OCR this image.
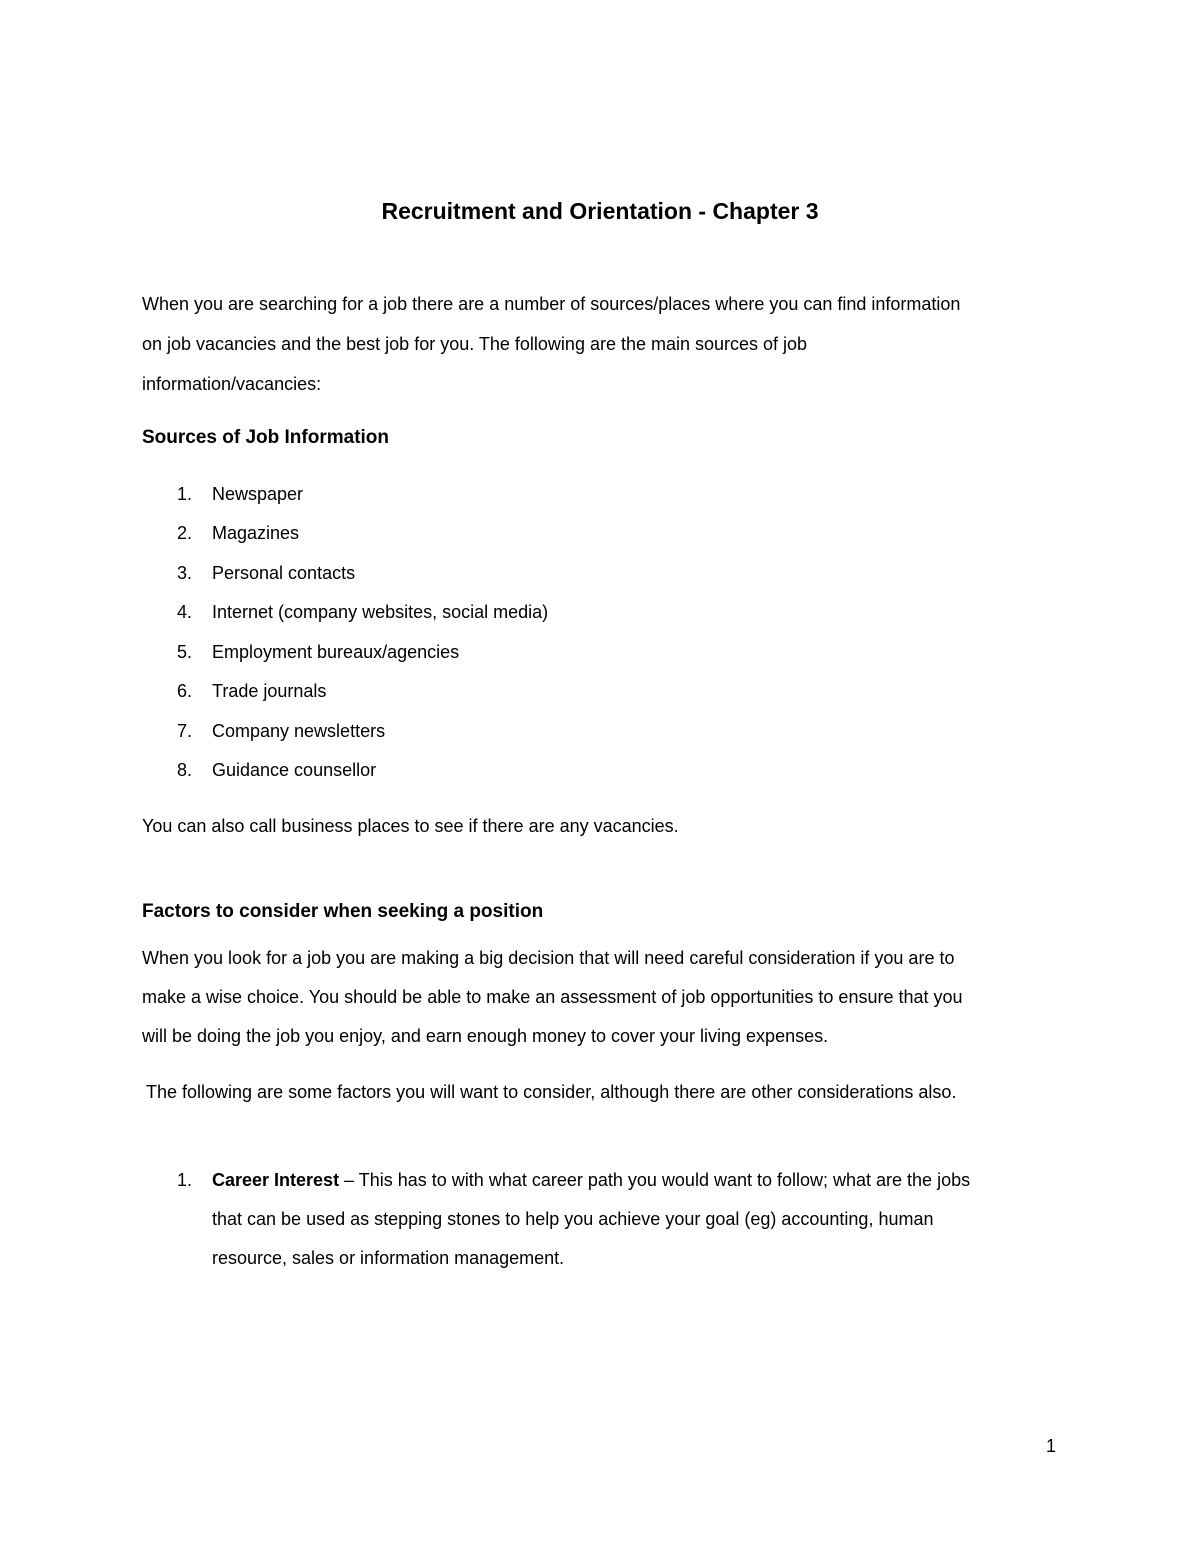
Recruitment and Orientation - Chapter 3

When you are searching for a job there are a number of sources/places where you can find information

on job vacancies and the best job for you. The following are the main sources of job

information/vacancies:

Sources of Job Information
1. Newspaper
2. Magazines
3. Personal contacts
4. Internet (company websites, social media)
5. Employment bureaux/agencies
6. Trade journals
7. Company newsletters
8. Guidance counsellor

You can also call business places to see if there are any vacancies.

Factors to consider when seeking a position

When you look for a job you are making a big decision that will need careful consideration if you are to

make a wise choice. You should be able to make an assessment of job opportunities to ensure that you

will be doing the job you enjoy, and earn enough money to cover your living expenses.

The following are some factors you will want to consider, although there are other considerations also.

1. Career Interest – This has to with what career path you would want to follow; what are the jobs
that can be used as stepping stones to help you achieve your goal (eg) accounting, human
resource, sales or information management.
1
